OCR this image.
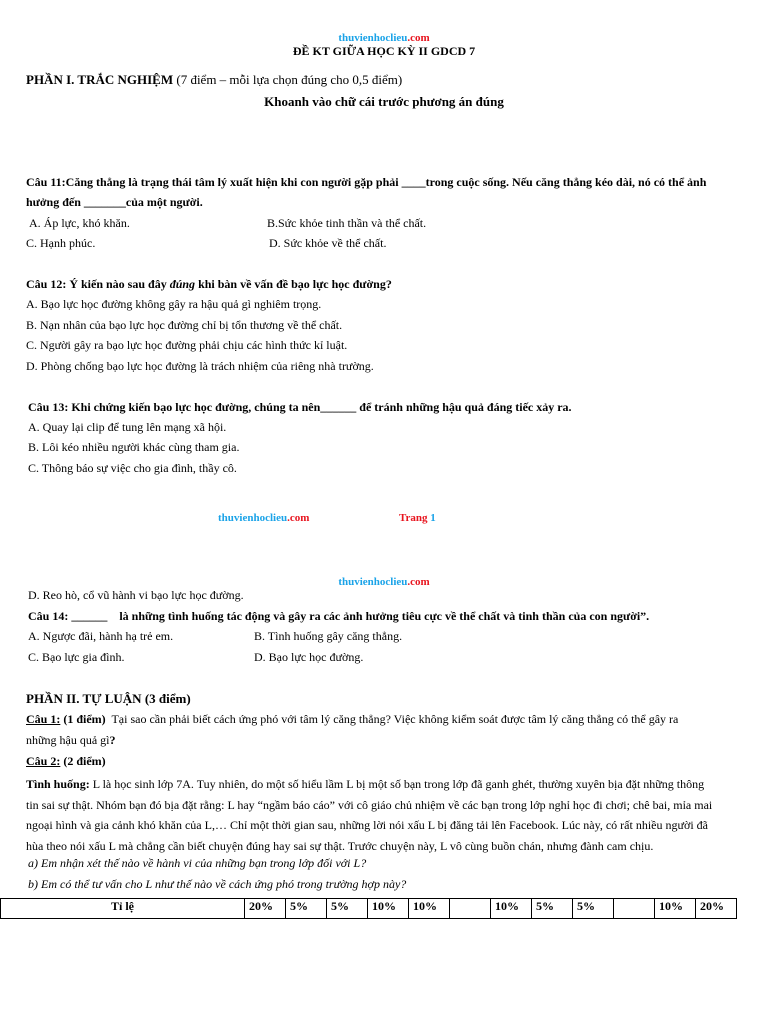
thuvienhoclieu.com
ĐỀ KT GIỮA HỌC KỲ II GDCD 7
PHẦN I. TRẮC NGHIỆM (7 điểm – mỗi lựa chọn đúng cho 0,5 điểm)
Khoanh vào chữ cái trước phương án đúng
Câu 11:Căng thẳng là trạng thái tâm lý xuất hiện khi con người gặp phải ____trong cuộc sống. Nếu căng thẳng kéo dài, nó có thể ảnh
hưởng đến _______của một người.
A. Áp lực, khó khăn.	B.Sức khỏe tinh thần và thể chất.
C. Hạnh phúc.	D. Sức khỏe về thể chất.
Câu 12: Ý kiến nào sau đây đúng khi bàn về vấn đề bạo lực học đường?
A. Bạo lực học đường không gây ra hậu quả gì nghiêm trọng.
B. Nạn nhân của bạo lực học đường chỉ bị tổn thương về thể chất.
C. Người gây ra bạo lực học đường phải chịu các hình thức kỉ luật.
D. Phòng chống bạo lực học đường là trách nhiệm của riêng nhà trường.
Câu 13: Khi chứng kiến bạo lực học đường, chúng ta nên______ để tránh những hậu quả đáng tiếc xảy ra.
A. Quay lại clip để tung lên mạng xã hội.
B. Lôi kéo nhiều người khác cùng tham gia.
C. Thông báo sự việc cho gia đình, thầy cô.
thuvienhoclieu.com	Trang 1
thuvienhoclieu.com
D. Reo hò, cổ vũ hành vi bạo lực học đường.
Câu 14: ______ là những tình huống tác động và gây ra các ảnh hưởng tiêu cực về thể chất và tinh thần của con người”.
A. Ngược đãi, hành hạ trẻ em.	B. Tình huống gây căng thẳng.
C. Bạo lực gia đình.	D. Bạo lực học đường.
PHẦN II. TỰ LUẬN (3 điểm)
Câu 1: (1 điểm) Tại sao cần phải biết cách ứng phó với tâm lý căng thẳng? Việc không kiểm soát được tâm lý căng thẳng có thể gây ra
những hậu quả gì?
Câu 2: (2 điểm)
Tình huống: L là học sinh lớp 7A. Tuy nhiên, do một số hiểu lầm L bị một số bạn trong lớp đã ganh ghét, thường xuyên bịa đặt những thông tin sai sự thật. Nhóm bạn đó bịa đặt rằng: L hay “ngầm báo cáo” với cô giáo chủ nhiệm về các bạn trong lớp nghỉ học đi chơi; chê bai, mỉa mai ngoại hình và gia cảnh khó khăn của L,… Chỉ một thời gian sau, những lời nói xấu L bị đăng tải lên Facebook. Lúc này, có rất nhiều người đã hùa theo nói xấu L mà chẳng cần biết chuyện đúng hay sai sự thật. Trước chuyện này, L vô cùng buồn chán, nhưng đành cam chịu.
a) Em nhận xét thế nào về hành vi của những bạn trong lớp đối với L?
b) Em có thể tư vấn cho L như thế nào về cách ứng phó trong trường hợp này?
Tỉ lệ	20%	5%	5%	10%	10%		10%	5%	5%		10%	20%
